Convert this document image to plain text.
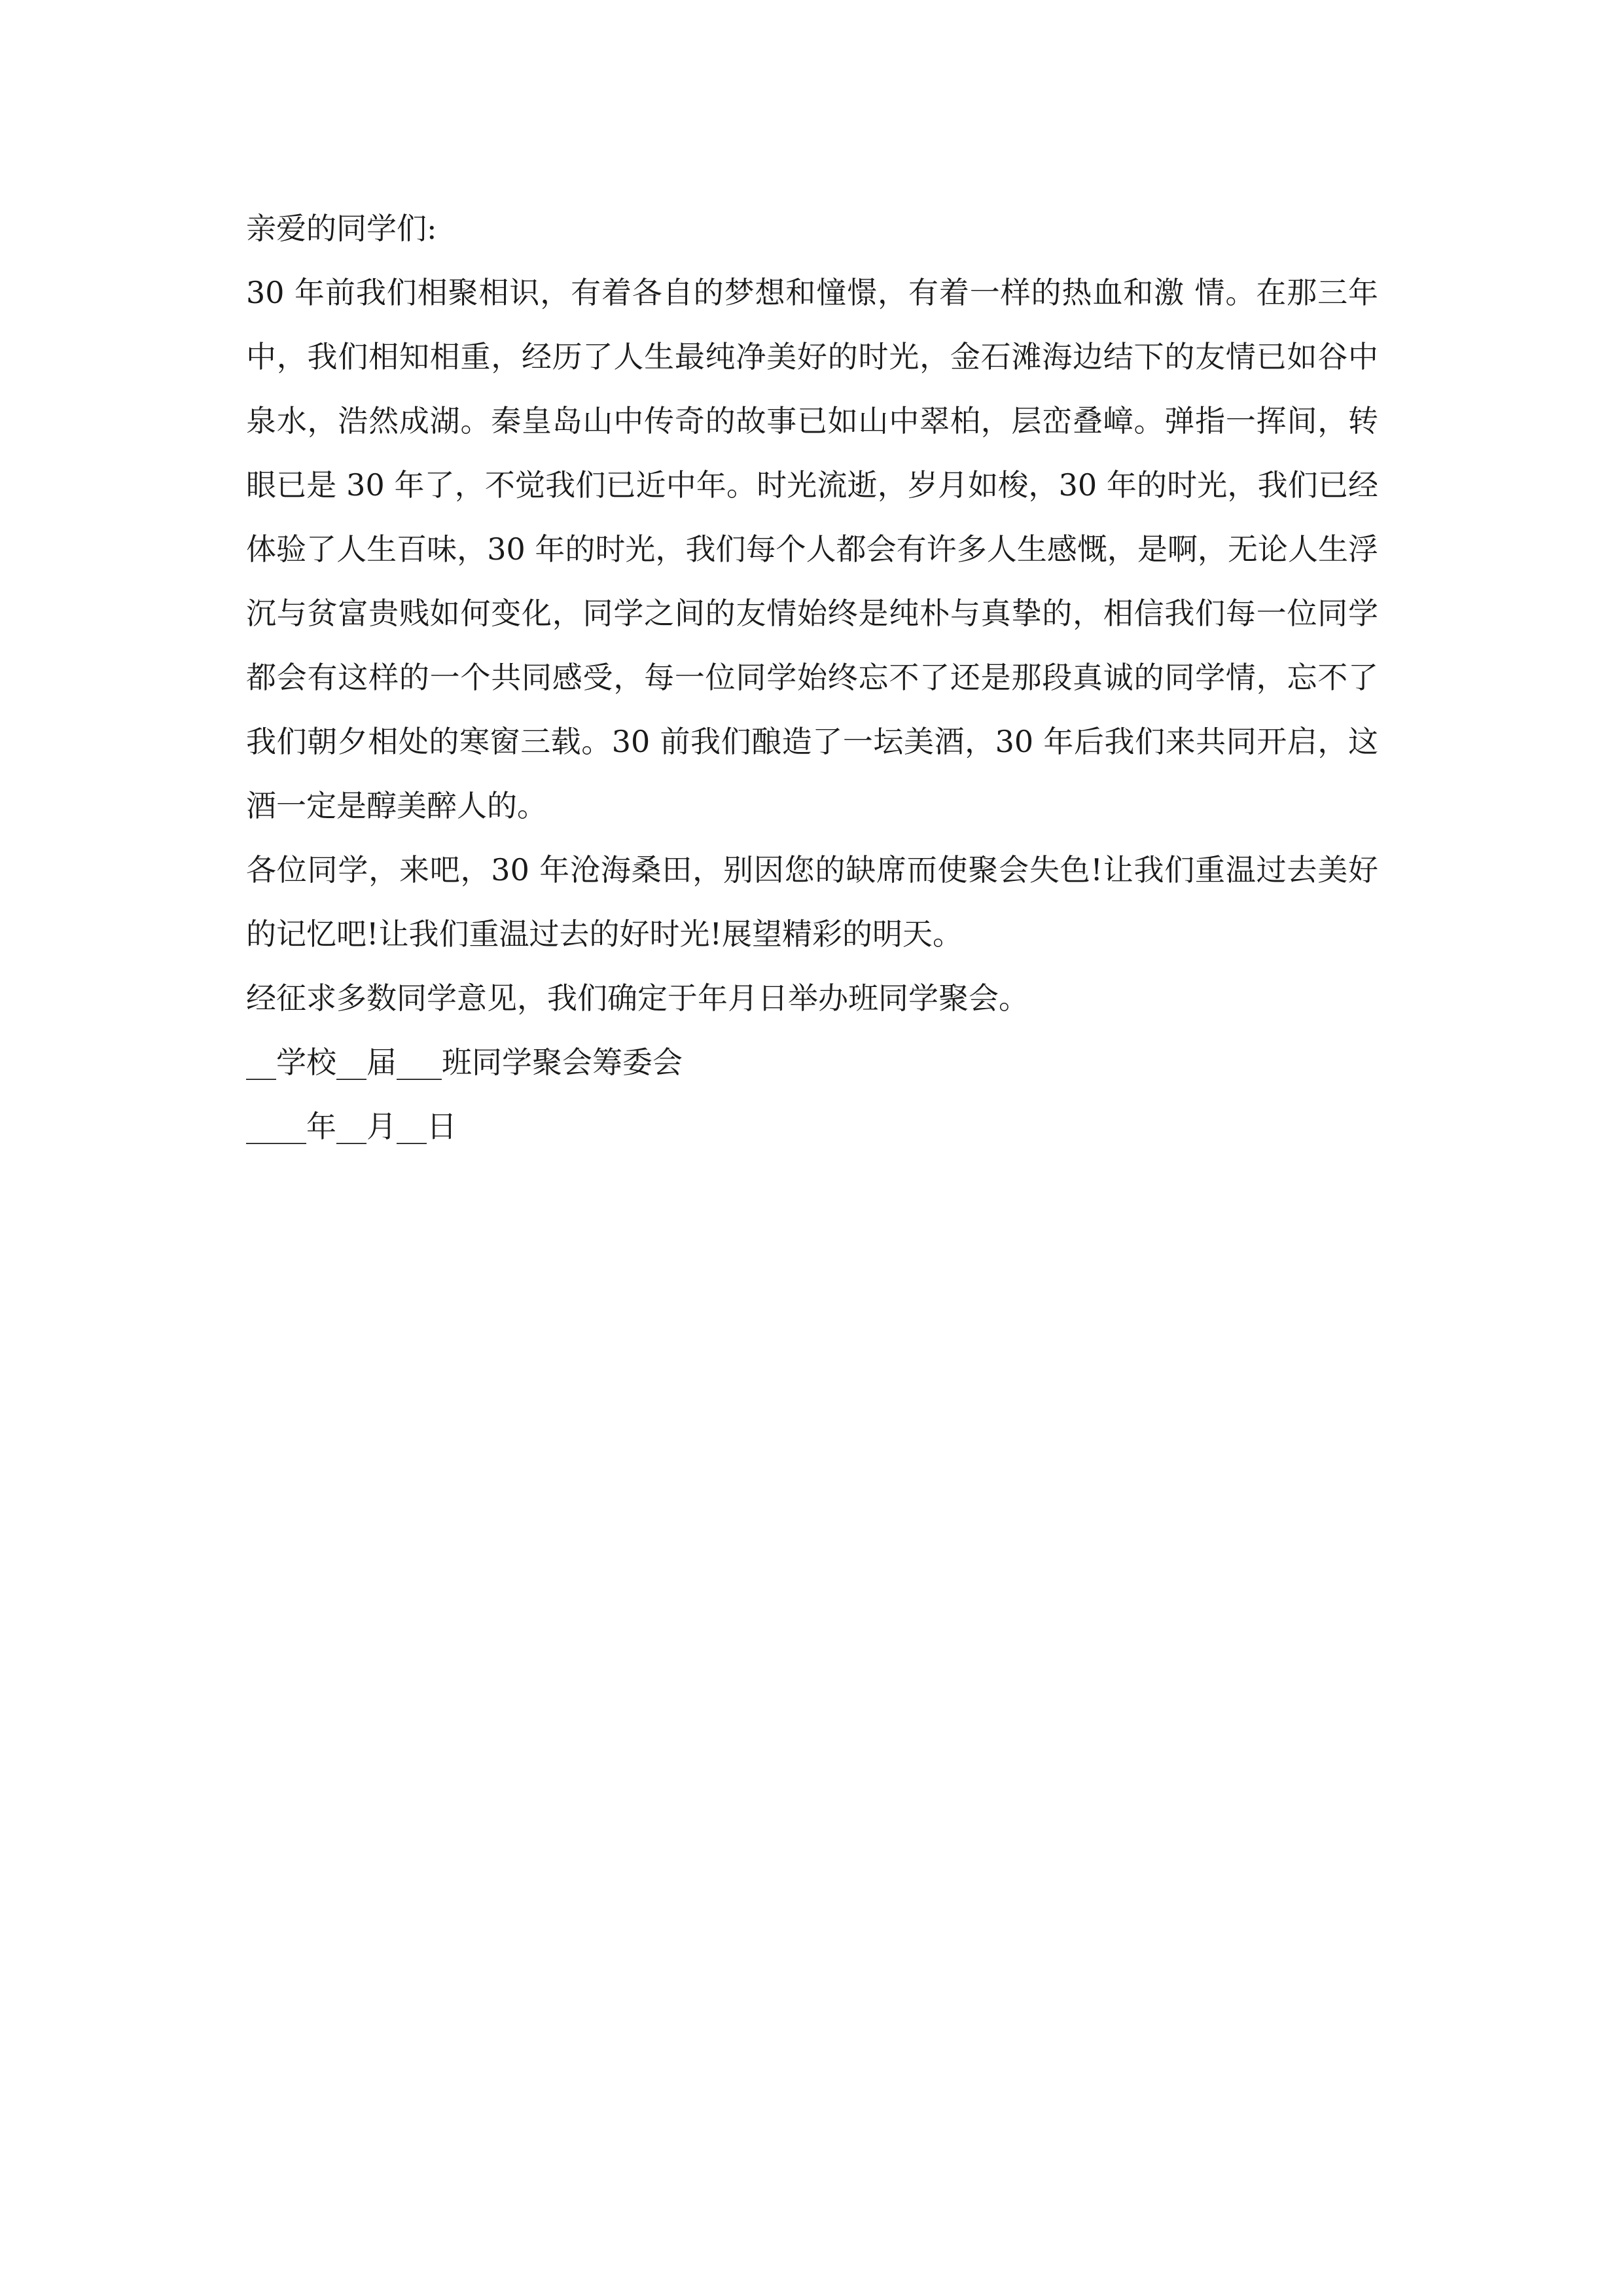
亲爱的同学们:

30 年前我们相聚相识，有着各自的梦想和憧憬，有着一样的热血和激 情。在那三年中，我们相知相重，经历了人生最纯净美好的时光，金石滩海边结下的友情已如谷中泉水，浩然成湖。秦皇岛山中传奇的故事已如山中翠柏，层峦叠嶂。弹指一挥间，转眼已是 30 年了，不觉我们已近中年。时光流逝，岁月如梭，30 年的时光，我们已经体验了人生百味，30 年的时光，我们每个人都会有许多人生感慨，是啊，无论人生浮沉与贫富贵贱如何变化，同学之间的友情始终是纯朴与真挚的，相信我们每一位同学都会有这样的一个共同感受，每一位同学始终忘不了还是那段真诚的同学情，忘不了我们朝夕相处的寒窗三载。30 前我们酿造了一坛美酒，30 年后我们来共同开启，这酒一定是醇美醉人的。

各位同学，来吧，30 年沧海桑田，别因您的缺席而使聚会失色!让我们重温过去美好的记忆吧!让我们重温过去的好时光!展望精彩的明天。

经征求多数同学意见，我们确定于年月日举办班同学聚会。

__学校__届___班同学聚会筹委会

____年__月__日
